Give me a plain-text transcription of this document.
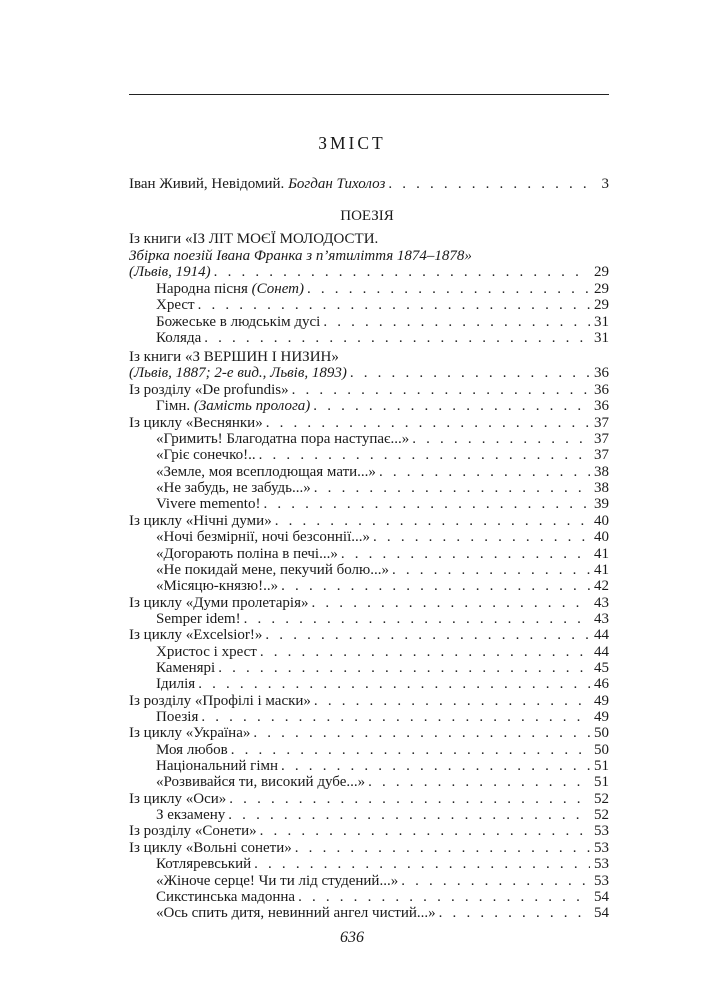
ЗМІСТ
Іван Живий, Невідомий. Богдан Тихолоз . . .	3
ПОЕЗІЯ
Із книги «ІЗ ЛІТ МОЄЇ МОЛОДОСТИ.
Збірка поезій Івана Франка з п’ятиліття 1874–1878»
(Львів, 1914) . . .	29
Народна пісня (Сонет) . . .	29
Хрест . . .	29
Божеське в людськім дусі . . .	31
Коляда . . .	31
Із книги «З ВЕРШИН І НИЗИН»
(Львів, 1887; 2-е вид., Львів, 1893) . . .	36
Із розділу «De profundis» . . .	36
Гімн. (Замість пролога) . . .	36
Із циклу «Веснянки» . . .	37
«Гримить! Благодатна пора наступає...» . . .	37
«Гріє сонечко!.. . . .	37
«Земле, моя всеплодющая мати...» . . .	38
«Не забудь, не забудь...» . . .	38
Vivere memento! . . .	39
Із циклу «Нічні думи» . . .	40
«Ночі безмірнії, ночі безсоннії...» . . .	40
«Догорають поліна в печі...» . . .	41
«Не покидай мене, пекучий болю...» . . .	41
«Місяцю-князю!..» . . .	42
Із циклу «Думи пролетарія» . . .	43
Semper idem! . . .	43
Із циклу «Excelsior!» . . .	44
Христос і хрест . . .	44
Каменярі . . .	45
Ідилія . . .	46
Із розділу «Профілі і маски» . . .	49
Поезія . . .	49
Із циклу «Україна» . . .	50
Моя любов . . .	50
Національний гімн . . .	51
«Розвивайся ти, високий дубе...» . . .	51
Із циклу «Оси» . . .	52
З екзамену . . .	52
Із розділу «Сонети» . . .	53
Із циклу «Вольні сонети» . . .	53
Котляревський . . .	53
«Жіноче серце! Чи ти лід студений...» . . .	53
Сикстинська мадонна . . .	54
«Ось спить дитя, невинний ангел чистий...» . . .	54
636
